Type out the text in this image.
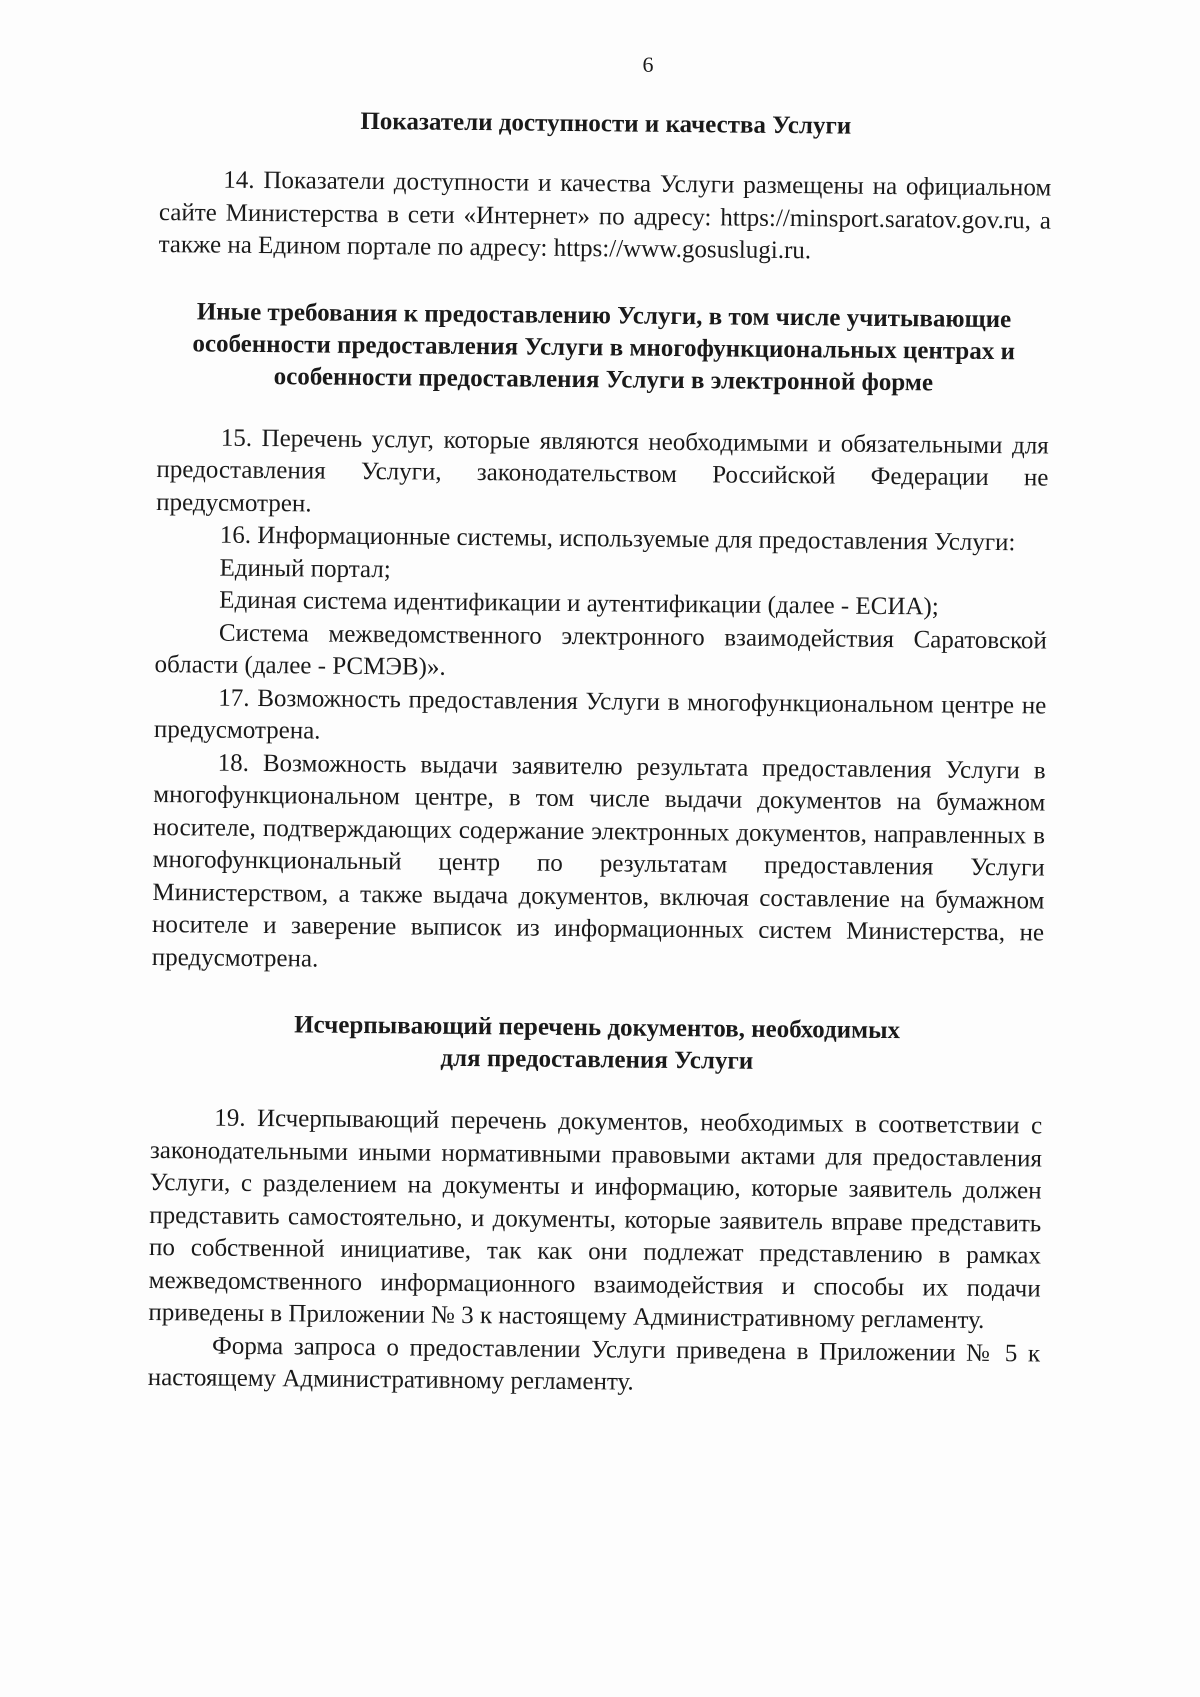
6
Показатели доступности и качества Услуги

14. Показатели доступности и качества Услуги размещены на официальном сайте Министерства в сети «Интернет» по адресу: https://minsport.saratov.gov.ru, а также на Едином портале по адресу: https://www.gosuslugi.ru.

Иные требования к предоставлению Услуги, в том числе учитывающие
особенности предоставления Услуги в многофункциональных центрах и
особенности предоставления Услуги в электронной форме

15. Перечень услуг, которые являются необходимыми и обязательными для предоставления Услуги, законодательством Российской Федерации не предусмотрен.

16. Информационные системы, используемые для предоставления Услуги:

Единый портал;

Единая система идентификации и аутентификации (далее - ЕСИА);

Система межведомственного электронного взаимодействия Саратовской области (далее - РСМЭВ)».

17. Возможность предоставления Услуги в многофункциональном центре не предусмотрена.

18. Возможность выдачи заявителю результата предоставления Услуги в многофункциональном центре, в том числе выдачи документов на бумажном носителе, подтверждающих содержание электронных документов, направленных в многофункциональный центр по результатам предоставления Услуги Министерством, а также выдача документов, включая составление на бумажном носителе и заверение выписок из информационных систем Министерства, не предусмотрена.

Исчерпывающий перечень документов, необходимых
для предоставления Услуги

19. Исчерпывающий перечень документов, необходимых в соответствии с законодательными иными нормативными правовыми актами для предоставления Услуги, с разделением на документы и информацию, которые заявитель должен представить самостоятельно, и документы, которые заявитель вправе представить по собственной инициативе, так как они подлежат представлению в рамках межведомственного информационного взаимодействия и способы их подачи приведены в Приложении № 3 к настоящему Административному регламенту.

Форма запроса о предоставлении Услуги приведена в Приложении № 5 к настоящему Административному регламенту.
